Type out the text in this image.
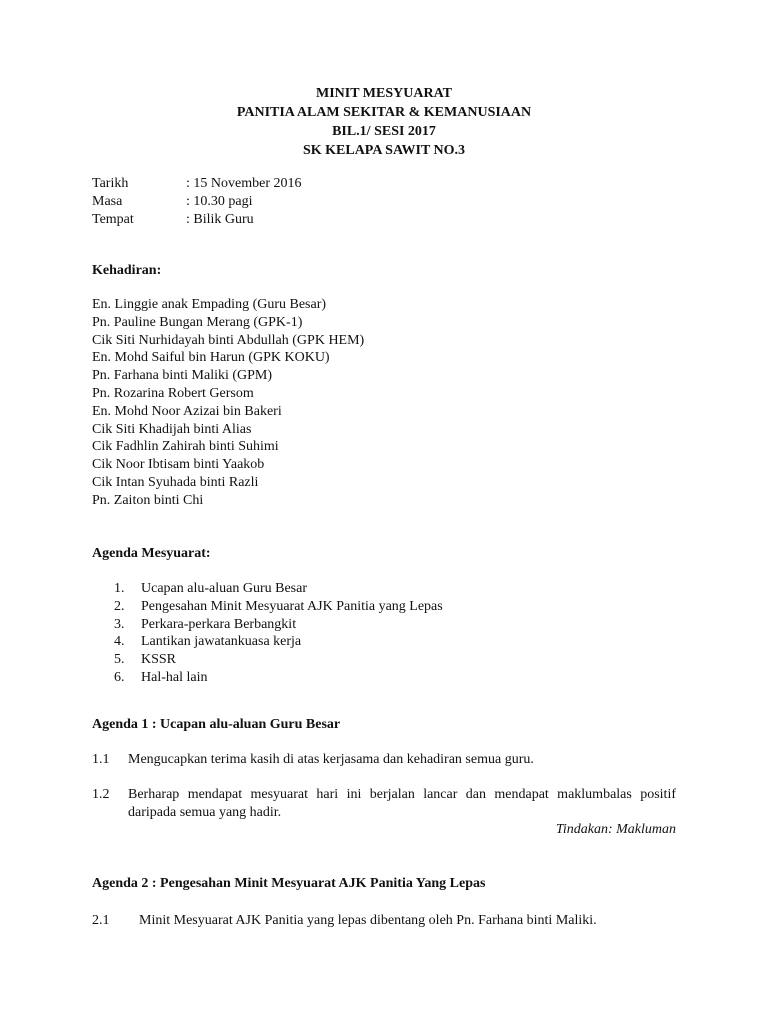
MINIT MESYUARAT
PANITIA ALAM SEKITAR & KEMANUSIAAN
BIL.1/ SESI 2017
SK KELAPA SAWIT NO.3
Tarikh	: 15 November 2016
Masa	: 10.30 pagi
Tempat	: Bilik Guru
Kehadiran:
En. Linggie anak Empading (Guru Besar)
Pn. Pauline Bungan Merang (GPK-1)
Cik Siti Nurhidayah binti Abdullah (GPK HEM)
En. Mohd Saiful bin Harun (GPK KOKU)
Pn. Farhana binti Maliki (GPM)
Pn. Rozarina Robert Gersom
En. Mohd Noor Azizai bin Bakeri
Cik Siti Khadijah binti Alias
Cik Fadhlin Zahirah binti Suhimi
Cik Noor Ibtisam binti Yaakob
Cik Intan Syuhada binti Razli
Pn. Zaiton binti Chi
Agenda Mesyuarat:
1. Ucapan alu-aluan Guru Besar
2. Pengesahan Minit Mesyuarat AJK Panitia yang Lepas
3. Perkara-perkara Berbangkit
4. Lantikan jawatankuasa kerja
5. KSSR
6. Hal-hal lain
Agenda 1 : Ucapan alu-aluan Guru Besar
1.1 Mengucapkan terima kasih di atas kerjasama dan kehadiran semua guru.
1.2 Berharap mendapat mesyuarat hari ini berjalan lancar dan mendapat maklumbalas positif daripada semua yang hadir.
Tindakan: Makluman
Agenda 2 : Pengesahan Minit Mesyuarat AJK Panitia Yang Lepas
2.1 Minit Mesyuarat AJK Panitia yang lepas dibentang oleh Pn. Farhana binti Maliki.
